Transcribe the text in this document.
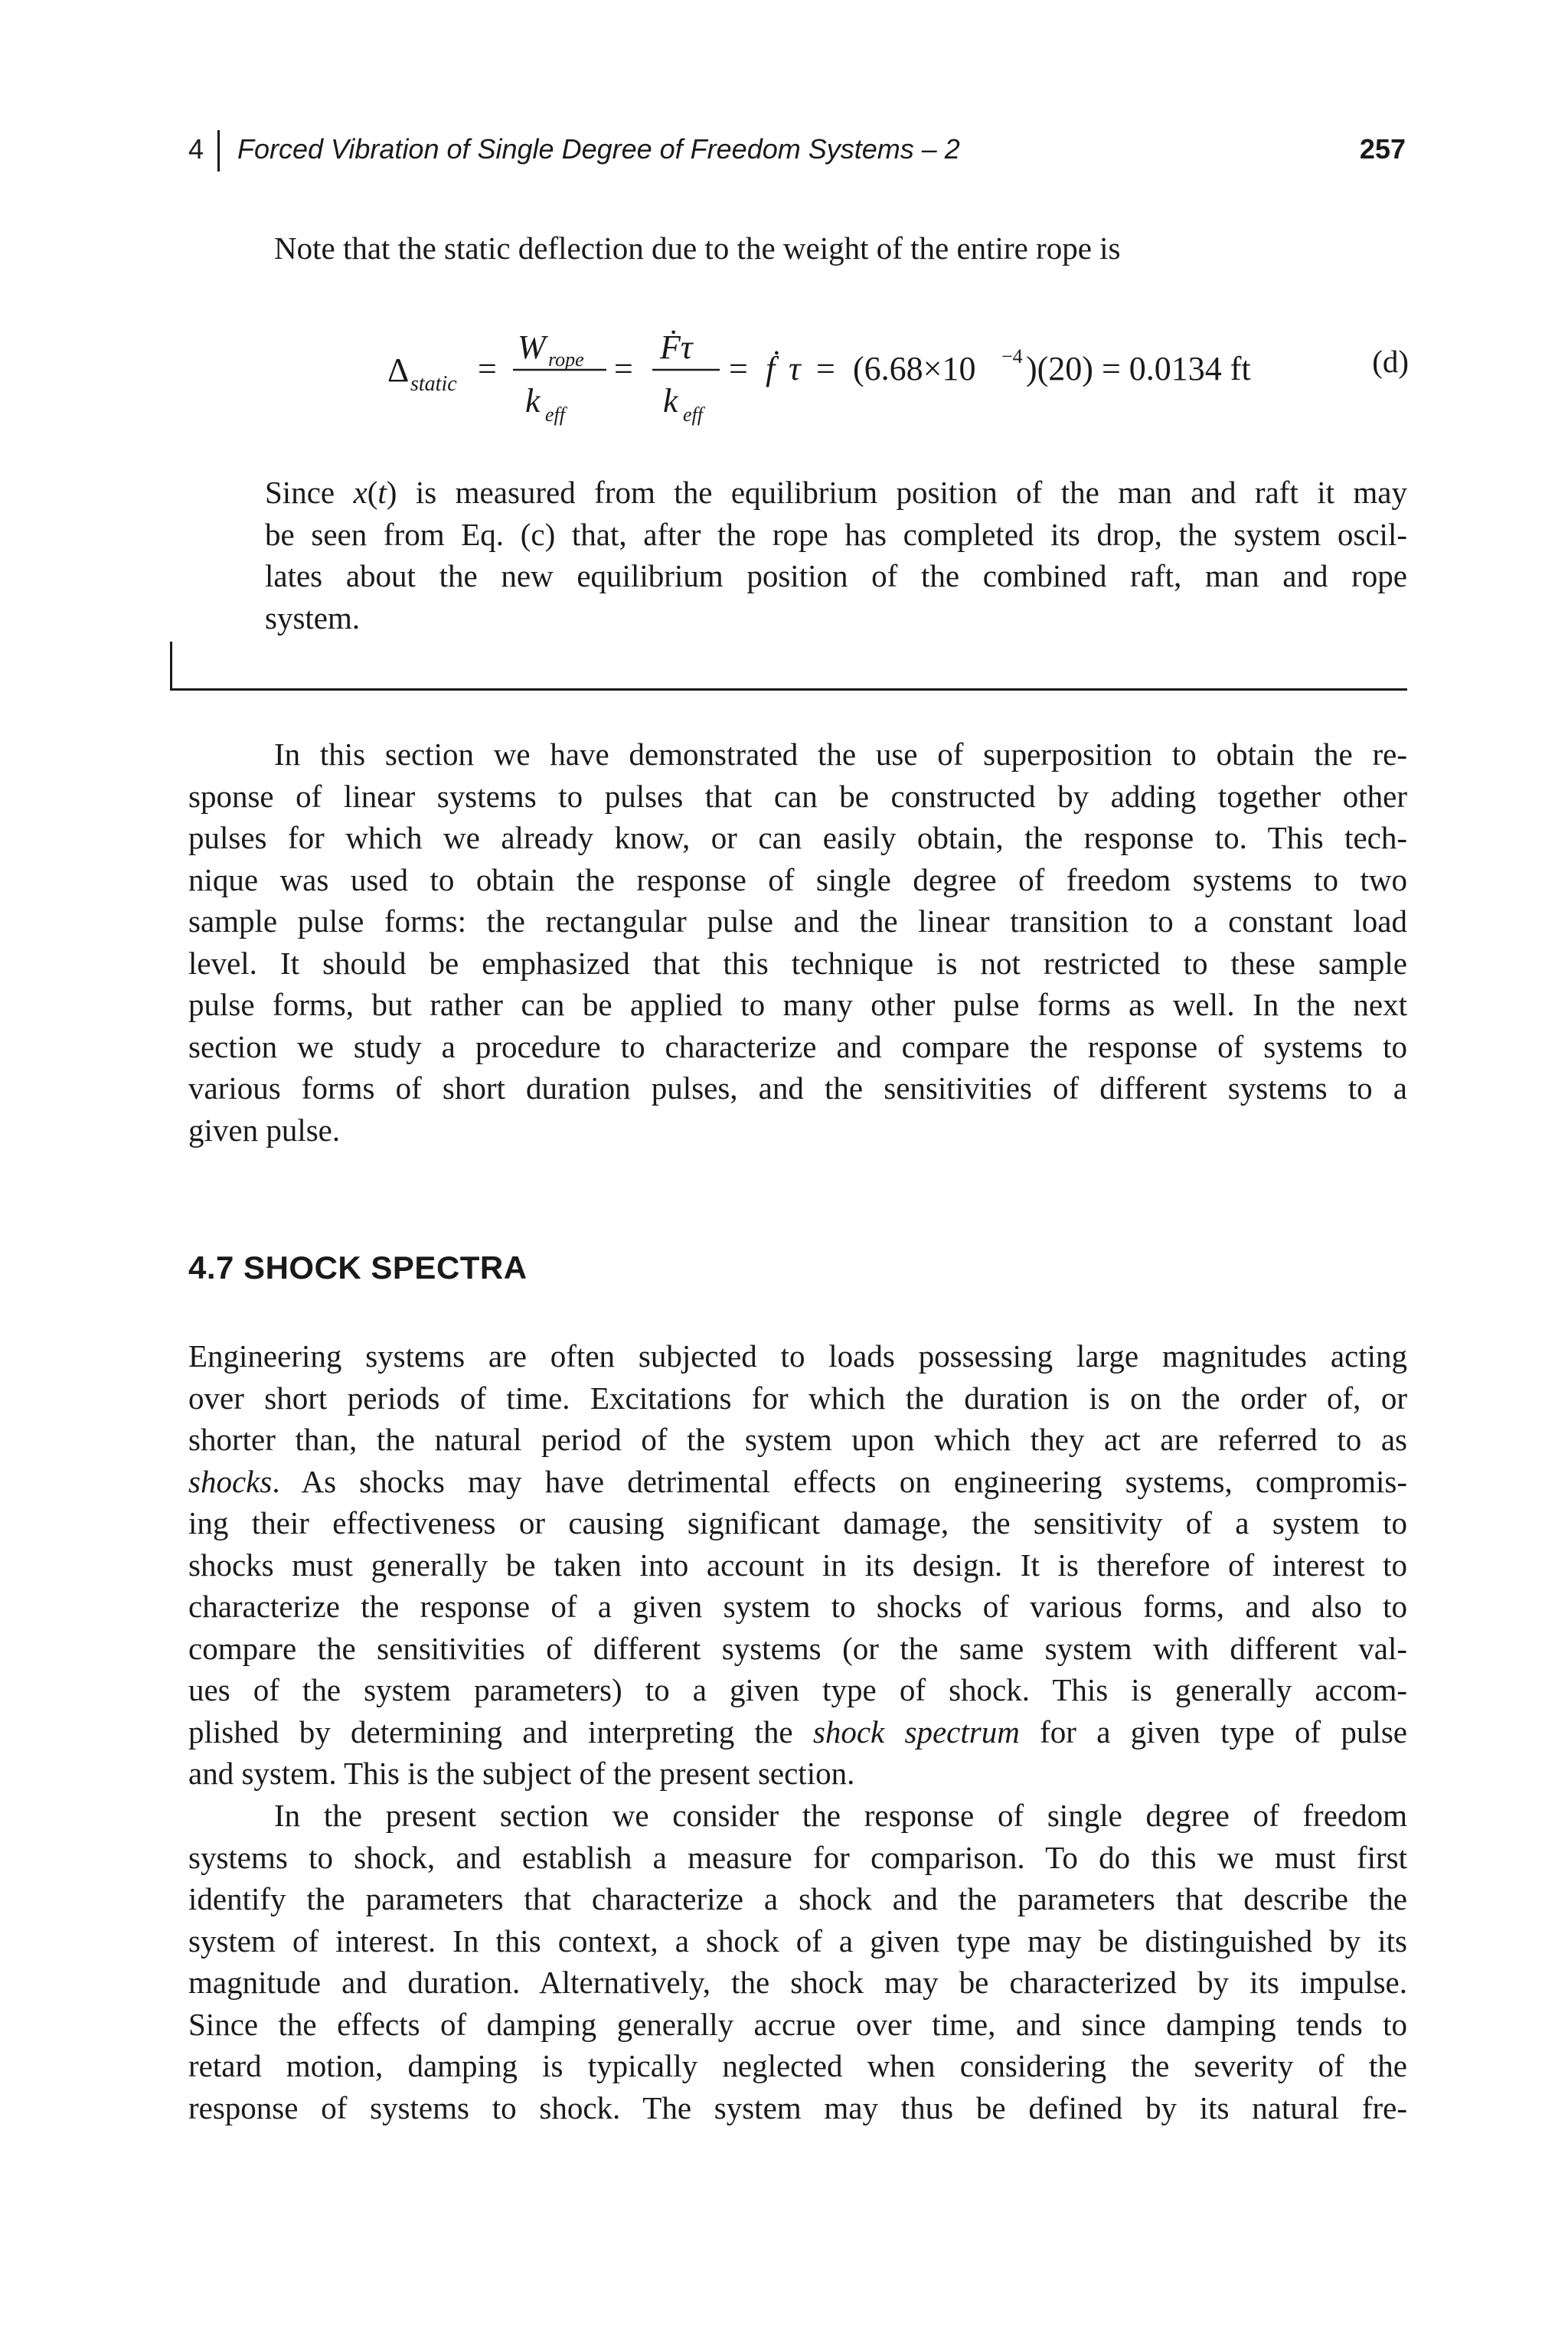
4 Forced Vibration of Single Degree of Freedom Systems – 2	257
Note that the static deflection due to the weight of the entire rope is
Δ static =
W rope
k eff
=
Ḟτ
k eff
= ḟ τ = (6.68×10 −4 )(20) = 0.0134 ft	(d)
Since x(t) is measured from the equilibrium position of the man and raft it may
be seen from Eq. (c) that, after the rope has completed its drop, the system oscil-
lates about the new equilibrium position of the combined raft, man and rope
system.
In this section we have demonstrated the use of superposition to obtain the re-
sponse of linear systems to pulses that can be constructed by adding together other
pulses for which we already know, or can easily obtain, the response to. This tech-
nique was used to obtain the response of single degree of freedom systems to two
sample pulse forms: the rectangular pulse and the linear transition to a constant load
level. It should be emphasized that this technique is not restricted to these sample
pulse forms, but rather can be applied to many other pulse forms as well. In the next
section we study a procedure to characterize and compare the response of systems to
various forms of short duration pulses, and the sensitivities of different systems to a
given pulse.
4.7 SHOCK SPECTRA
Engineering systems are often subjected to loads possessing large magnitudes acting
over short periods of time. Excitations for which the duration is on the order of, or
shorter than, the natural period of the system upon which they act are referred to as
shocks. As shocks may have detrimental effects on engineering systems, compromis-
ing their effectiveness or causing significant damage, the sensitivity of a system to
shocks must generally be taken into account in its design. It is therefore of interest to
characterize the response of a given system to shocks of various forms, and also to
compare the sensitivities of different systems (or the same system with different val-
ues of the system parameters) to a given type of shock. This is generally accom-
plished by determining and interpreting the shock spectrum for a given type of pulse
and system. This is the subject of the present section.
In the present section we consider the response of single degree of freedom
systems to shock, and establish a measure for comparison. To do this we must first
identify the parameters that characterize a shock and the parameters that describe the
system of interest. In this context, a shock of a given type may be distinguished by its
magnitude and duration. Alternatively, the shock may be characterized by its impulse.
Since the effects of damping generally accrue over time, and since damping tends to
retard motion, damping is typically neglected when considering the severity of the
response of systems to shock. The system may thus be defined by its natural fre-
